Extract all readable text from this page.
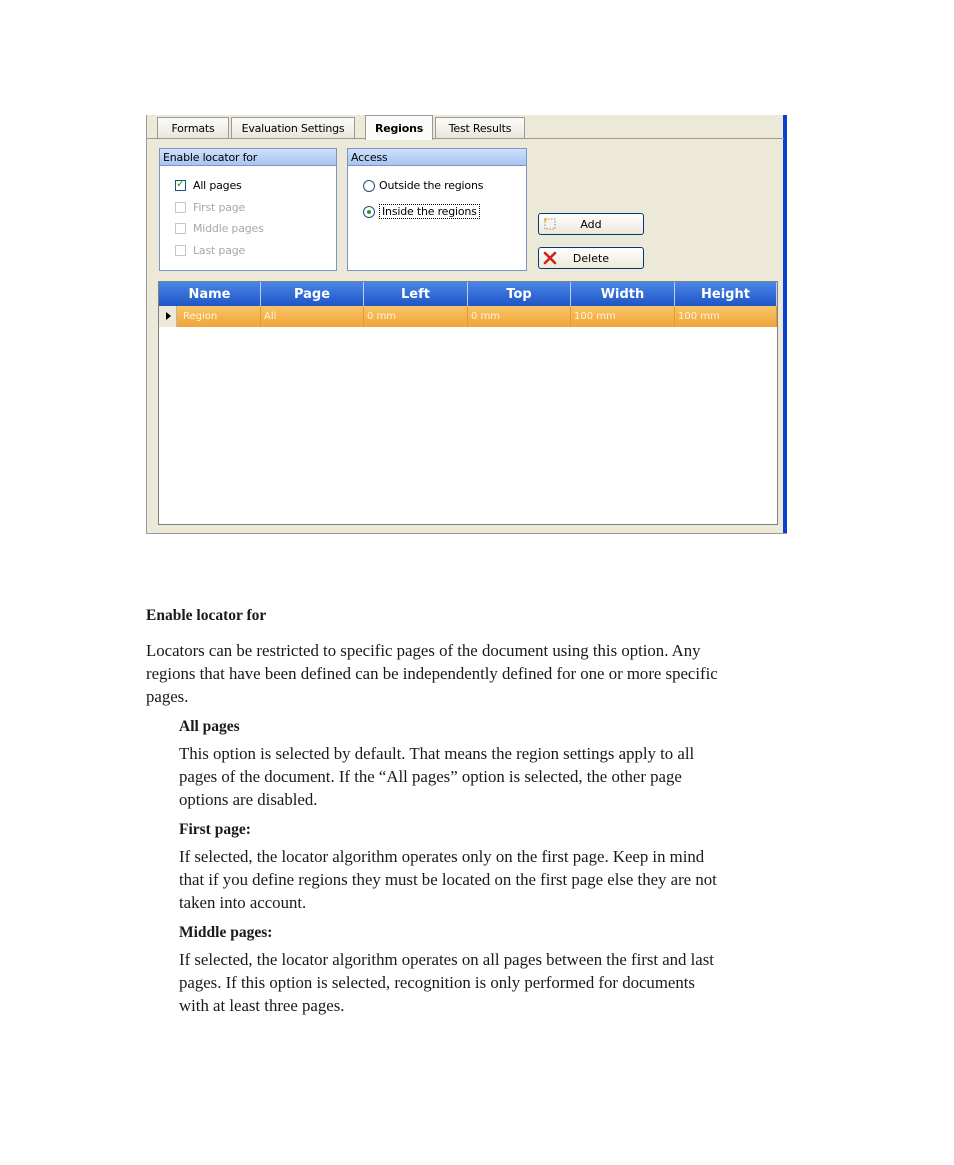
Formats	Evaluation Settings	Regions	Test Results
Enable locator for
✓
All pages
First page
Middle pages
Last page
Access
Outside the regions
Inside the regions
Add
Delete
Name	Page	Left	Top	Width	Height
Region	All	0 mm	0 mm	100 mm	100 mm
Enable locator for
Locators can be restricted to specific pages of the document using this option. Any
regions that have been defined can be independently defined for one or more specific
pages.
All pages
This option is selected by default. That means the region settings apply to all
pages of the document. If the “All pages” option is selected, the other page
options are disabled.
First page:
If selected, the locator algorithm operates only on the first page. Keep in mind
that if you define regions they must be located on the first page else they are not
taken into account.
Middle pages:
If selected, the locator algorithm operates on all pages between the first and last
pages. If this option is selected, recognition is only performed for documents
with at least three pages.
